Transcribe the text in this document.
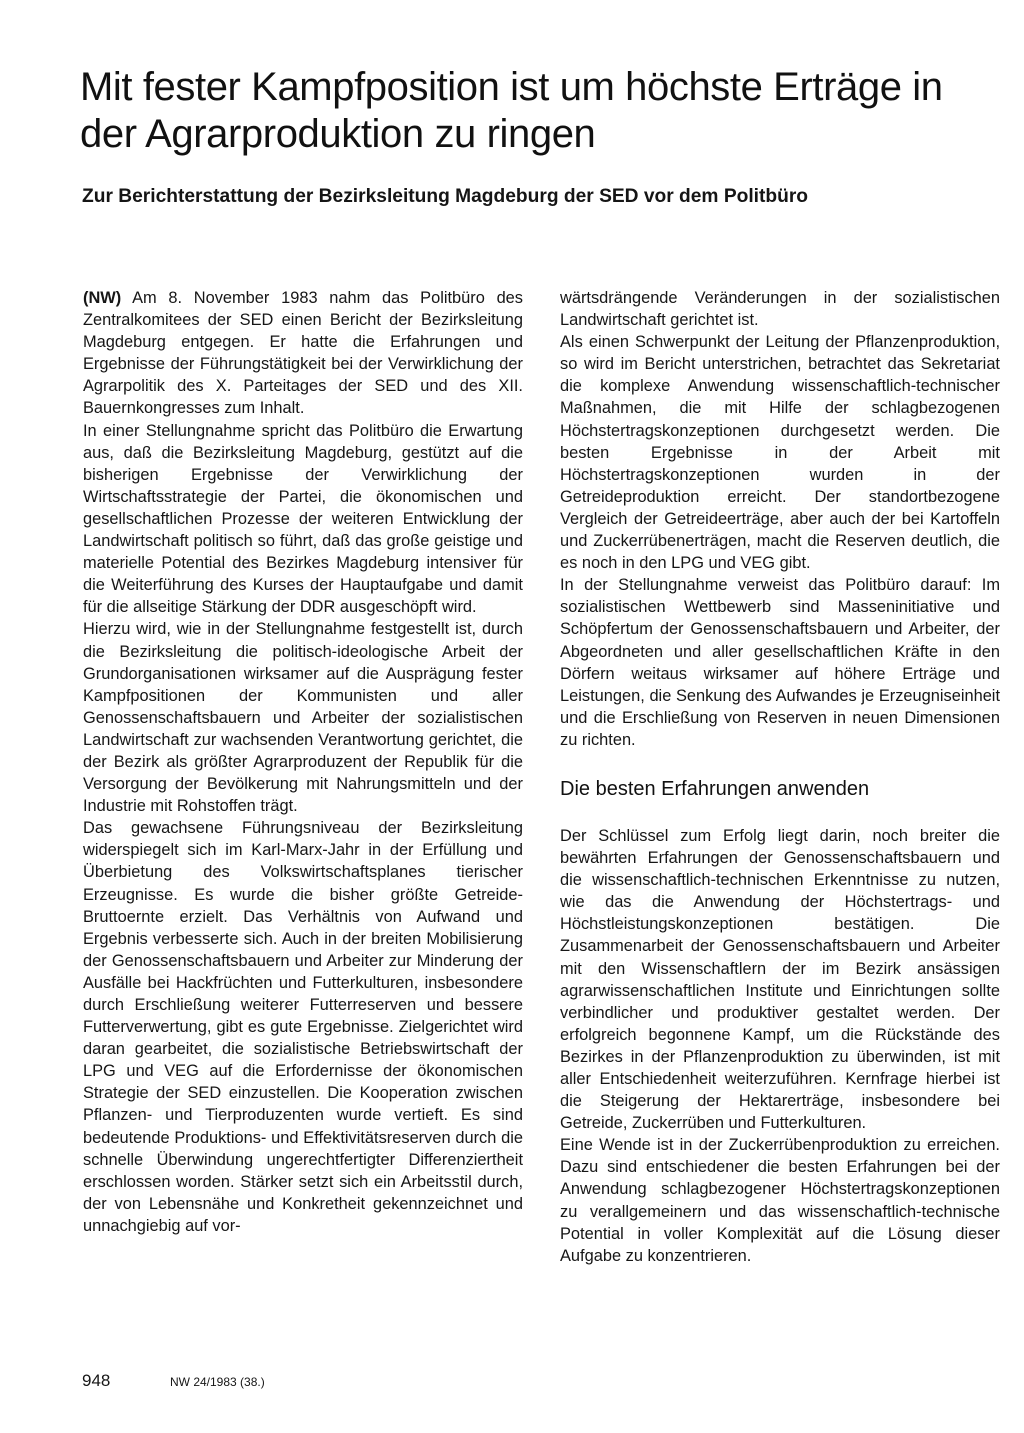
Mit fester Kampfposition ist um höchste Erträge in der Agrarproduktion zu ringen
Zur Berichterstattung der Bezirksleitung Magdeburg der SED vor dem Politbüro

(NW) Am 8. November 1983 nahm das Politbüro des Zentralkomitees der SED einen Bericht der Bezirksleitung Magdeburg entgegen. Er hatte die Erfahrungen und Ergebnisse der Führungstätigkeit bei der Verwirklichung der Agrarpolitik des X. Parteitages der SED und des XII. Bauernkongresses zum Inhalt.

In einer Stellungnahme spricht das Politbüro die Erwartung aus, daß die Bezirksleitung Magdeburg, gestützt auf die bisherigen Ergebnisse der Verwirklichung der Wirtschaftsstrategie der Partei, die ökonomischen und gesellschaftlichen Prozesse der weiteren Entwicklung der Landwirtschaft politisch so führt, daß das große geistige und materielle Potential des Bezirkes Magdeburg intensiver für die Weiterführung des Kurses der Hauptaufgabe und damit für die allseitige Stärkung der DDR ausgeschöpft wird.

Hierzu wird, wie in der Stellungnahme festgestellt ist, durch die Bezirksleitung die politisch-ideologische Arbeit der Grundorganisationen wirksamer auf die Ausprägung fester Kampfpositionen der Kommunisten und aller Genossenschaftsbauern und Arbeiter der sozialistischen Landwirtschaft zur wachsenden Verantwortung gerichtet, die der Bezirk als größter Agrarproduzent der Republik für die Versorgung der Bevölkerung mit Nahrungsmitteln und der Industrie mit Rohstoffen trägt.

Das gewachsene Führungsniveau der Bezirksleitung widerspiegelt sich im Karl-Marx-Jahr in der Erfüllung und Überbietung des Volkswirtschaftsplanes tierischer Erzeugnisse. Es wurde die bisher größte Getreide-Bruttoernte erzielt. Das Verhältnis von Aufwand und Ergebnis verbesserte sich. Auch in der breiten Mobilisierung der Genossenschaftsbauern und Arbeiter zur Minderung der Ausfälle bei Hackfrüchten und Futterkulturen, insbesondere durch Erschließung weiterer Futterreserven und bessere Futterverwertung, gibt es gute Ergebnisse. Zielgerichtet wird daran gearbeitet, die sozialistische Betriebswirtschaft der LPG und VEG auf die Erfordernisse der ökonomischen Strategie der SED einzustellen. Die Kooperation zwischen Pflanzen- und Tierproduzenten wurde vertieft. Es sind bedeutende Produktions- und Effektivitätsreserven durch die schnelle Überwindung ungerechtfertigter Differenziertheit erschlossen worden. Stärker setzt sich ein Arbeitsstil durch, der von Lebensnähe und Konkretheit gekennzeichnet und unnachgiebig auf vor-

wärtsdrängende Veränderungen in der sozialistischen Landwirtschaft gerichtet ist.

Als einen Schwerpunkt der Leitung der Pflanzenproduktion, so wird im Bericht unterstrichen, betrachtet das Sekretariat die komplexe Anwendung wissenschaftlich-technischer Maßnahmen, die mit Hilfe der schlagbezogenen Höchstertragskonzeptionen durchgesetzt werden. Die besten Ergebnisse in der Arbeit mit Höchstertragskonzeptionen wurden in der Getreideproduktion erreicht. Der standortbezogene Vergleich der Getreideerträge, aber auch der bei Kartoffeln und Zuckerrübenerträgen, macht die Reserven deutlich, die es noch in den LPG und VEG gibt.

In der Stellungnahme verweist das Politbüro darauf: Im sozialistischen Wettbewerb sind Masseninitiative und Schöpfertum der Genossenschaftsbauern und Arbeiter, der Abgeordneten und aller gesellschaftlichen Kräfte in den Dörfern weitaus wirksamer auf höhere Erträge und Leistungen, die Senkung des Aufwandes je Erzeugniseinheit und die Erschließung von Reserven in neuen Dimensionen zu richten.

Die besten Erfahrungen anwenden

Der Schlüssel zum Erfolg liegt darin, noch breiter die bewährten Erfahrungen der Genossenschaftsbauern und die wissenschaftlich-technischen Erkenntnisse zu nutzen, wie das die Anwendung der Höchstertrags- und Höchstleistungskonzeptionen bestätigen. Die Zusammenarbeit der Genossenschaftsbauern und Arbeiter mit den Wissenschaftlern der im Bezirk ansässigen agrarwissenschaftlichen Institute und Einrichtungen sollte verbindlicher und produktiver gestaltet werden. Der erfolgreich begonnene Kampf, um die Rückstände des Bezirkes in der Pflanzenproduktion zu überwinden, ist mit aller Entschiedenheit weiterzuführen. Kernfrage hierbei ist die Steigerung der Hektarerträge, insbesondere bei Getreide, Zuckerrüben und Futterkulturen.

Eine Wende ist in der Zuckerrübenproduktion zu erreichen. Dazu sind entschiedener die besten Erfahrungen bei der Anwendung schlagbezogener Höchstertragskonzeptionen zu verallgemeinern und das wissenschaftlich-technische Potential in voller Komplexität auf die Lösung dieser Aufgabe zu konzentrieren.

948	NW 24/1983 (38.)
